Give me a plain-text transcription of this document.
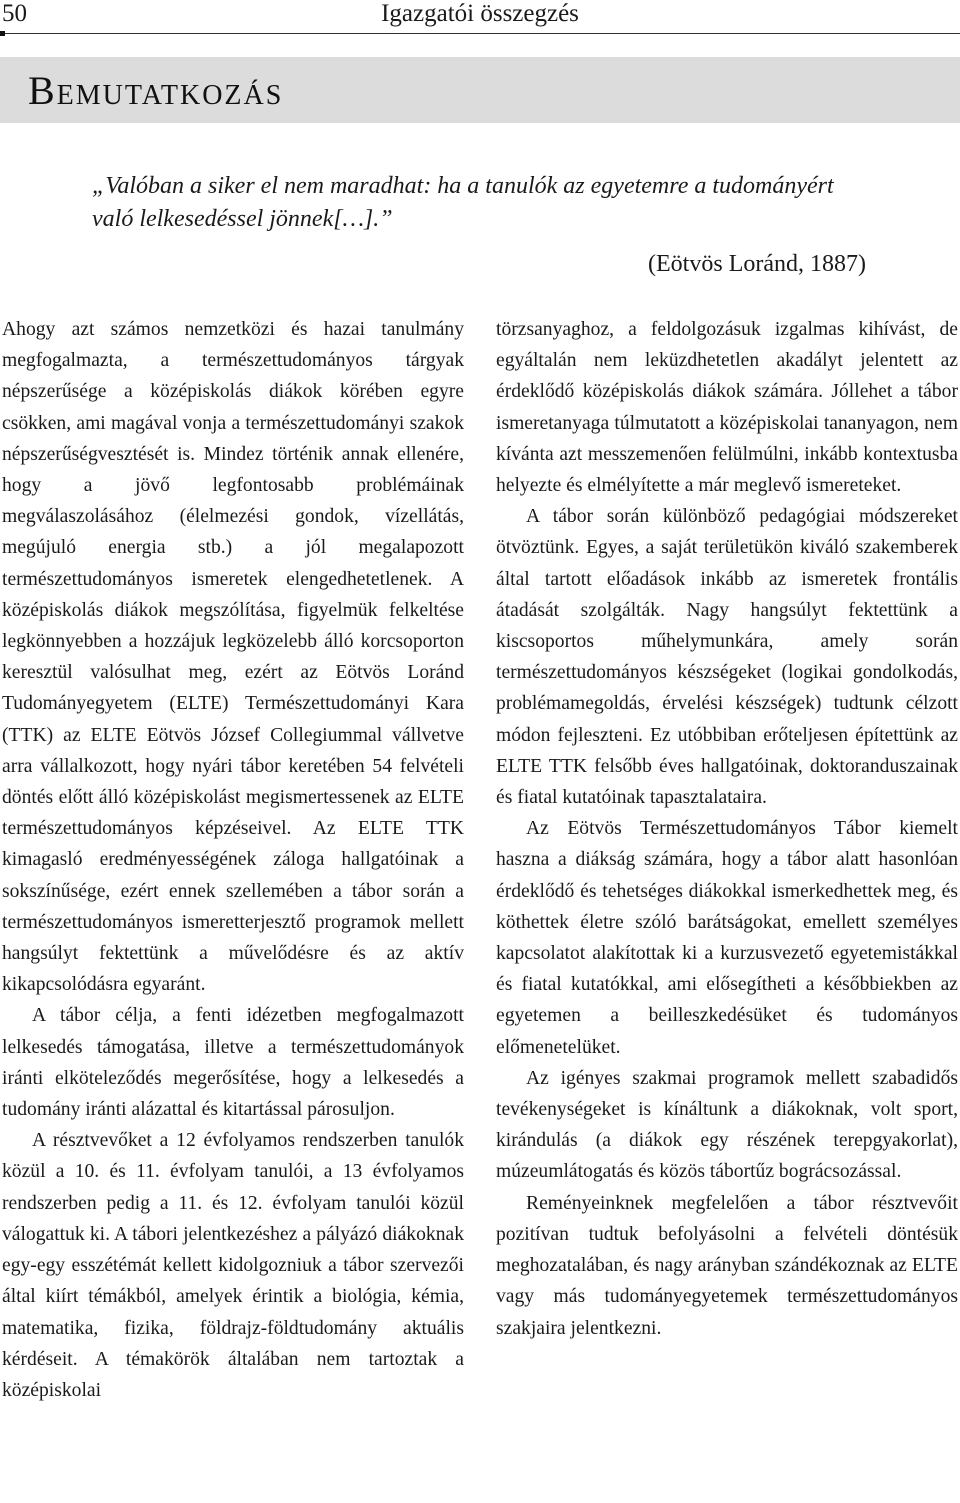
50	Igazgatói összegzés
Bemutatkozás
„Valóban a siker el nem maradhat: ha a tanulók az egyetemre a tudományért való lelkesedéssel jönnek[…].”
(Eötvös Loránd, 1887)

Ahogy azt számos nemzetközi és hazai tanulmány megfogalmazta, a természettudományos tárgyak népszerűsége a középiskolás diákok körében egyre csökken, ami magával vonja a természettudományi szakok népszerűségvesztését is. Mindez történik annak ellenére, hogy a jövő legfontosabb problémáinak megválaszolásához (élelmezési gondok, vízellátás, megújuló energia stb.) a jól megalapozott természettudományos ismeretek elengedhetetlenek. A középiskolás diákok megszólítása, figyelmük felkeltése legkönnyebben a hozzájuk legközelebb álló korcsoporton keresztül valósulhat meg, ezért az Eötvös Loránd Tudományegyetem (ELTE) Természettudományi Kara (TTK) az ELTE Eötvös József Collegiummal vállvetve arra vállalkozott, hogy nyári tábor keretében 54 felvételi döntés előtt álló középiskolást megismertessenek az ELTE természettudományos képzéseivel. Az ELTE TTK kimagasló eredményességének záloga hallgatóinak a sokszínűsége, ezért ennek szellemében a tábor során a természettudományos ismeretterjesztő programok mellett hangsúlyt fektettünk a művelődésre és az aktív kikapcsolódásra egyaránt.

A tábor célja, a fenti idézetben megfogalmazott lelkesedés támogatása, illetve a természettudományok iránti elköteleződés megerősítése, hogy a lelkesedés a tudomány iránti alázattal és kitartással párosuljon.

A résztvevőket a 12 évfolyamos rendszerben tanulók közül a 10. és 11. évfolyam tanulói, a 13 évfolyamos rendszerben pedig a 11. és 12. évfolyam tanulói közül válogattuk ki. A tábori jelentkezéshez a pályázó diákoknak egy-egy esszétémát kellett kidolgozniuk a tábor szervezői által kiírt témákból, amelyek érintik a biológia, kémia, matematika, fizika, földrajz-földtudomány aktuális kérdéseit. A témakörök általában nem tartoztak a középiskolai

törzsanyaghoz, a feldolgozásuk izgalmas kihívást, de egyáltalán nem leküzdhetetlen akadályt jelentett az érdeklődő középiskolás diákok számára. Jóllehet a tábor ismeretanyaga túlmutatott a középiskolai tananyagon, nem kívánta azt messzemenően felülmúlni, inkább kontextusba helyezte és elmélyítette a már meglevő ismereteket.

A tábor során különböző pedagógiai módszereket ötvöztünk. Egyes, a saját területükön kiváló szakemberek által tartott előadások inkább az ismeretek frontális átadását szolgálták. Nagy hangsúlyt fektettünk a kiscsoportos műhelymunkára, amely során természettudományos készségeket (logikai gondolkodás, problémamegoldás, érvelési készségek) tudtunk célzott módon fejleszteni. Ez utóbbiban erőteljesen építettünk az ELTE TTK felsőbb éves hallgatóinak, doktoranduszainak és fiatal kutatóinak tapasztalataira.

Az Eötvös Természettudományos Tábor kiemelt haszna a diákság számára, hogy a tábor alatt hasonlóan érdeklődő és tehetséges diákokkal ismerkedhettek meg, és köthettek életre szóló barátságokat, emellett személyes kapcsolatot alakítottak ki a kurzusvezető egyetemistákkal és fiatal kutatókkal, ami elősegítheti a későbbiekben az egyetemen a beilleszkedésüket és tudományos előmenetelüket.

Az igényes szakmai programok mellett szabadidős tevékenységeket is kínáltunk a diákoknak, volt sport, kirándulás (a diákok egy részének terepgyakorlat), múzeumlátogatás és közös tábortűz bográcsozással.

Reményeinknek megfelelően a tábor résztvevőit pozitívan tudtuk befolyásolni a felvételi döntésük meghozatalában, és nagy arányban szándékoznak az ELTE vagy más tudományegyetemek természettudományos szakjaira jelentkezni.
